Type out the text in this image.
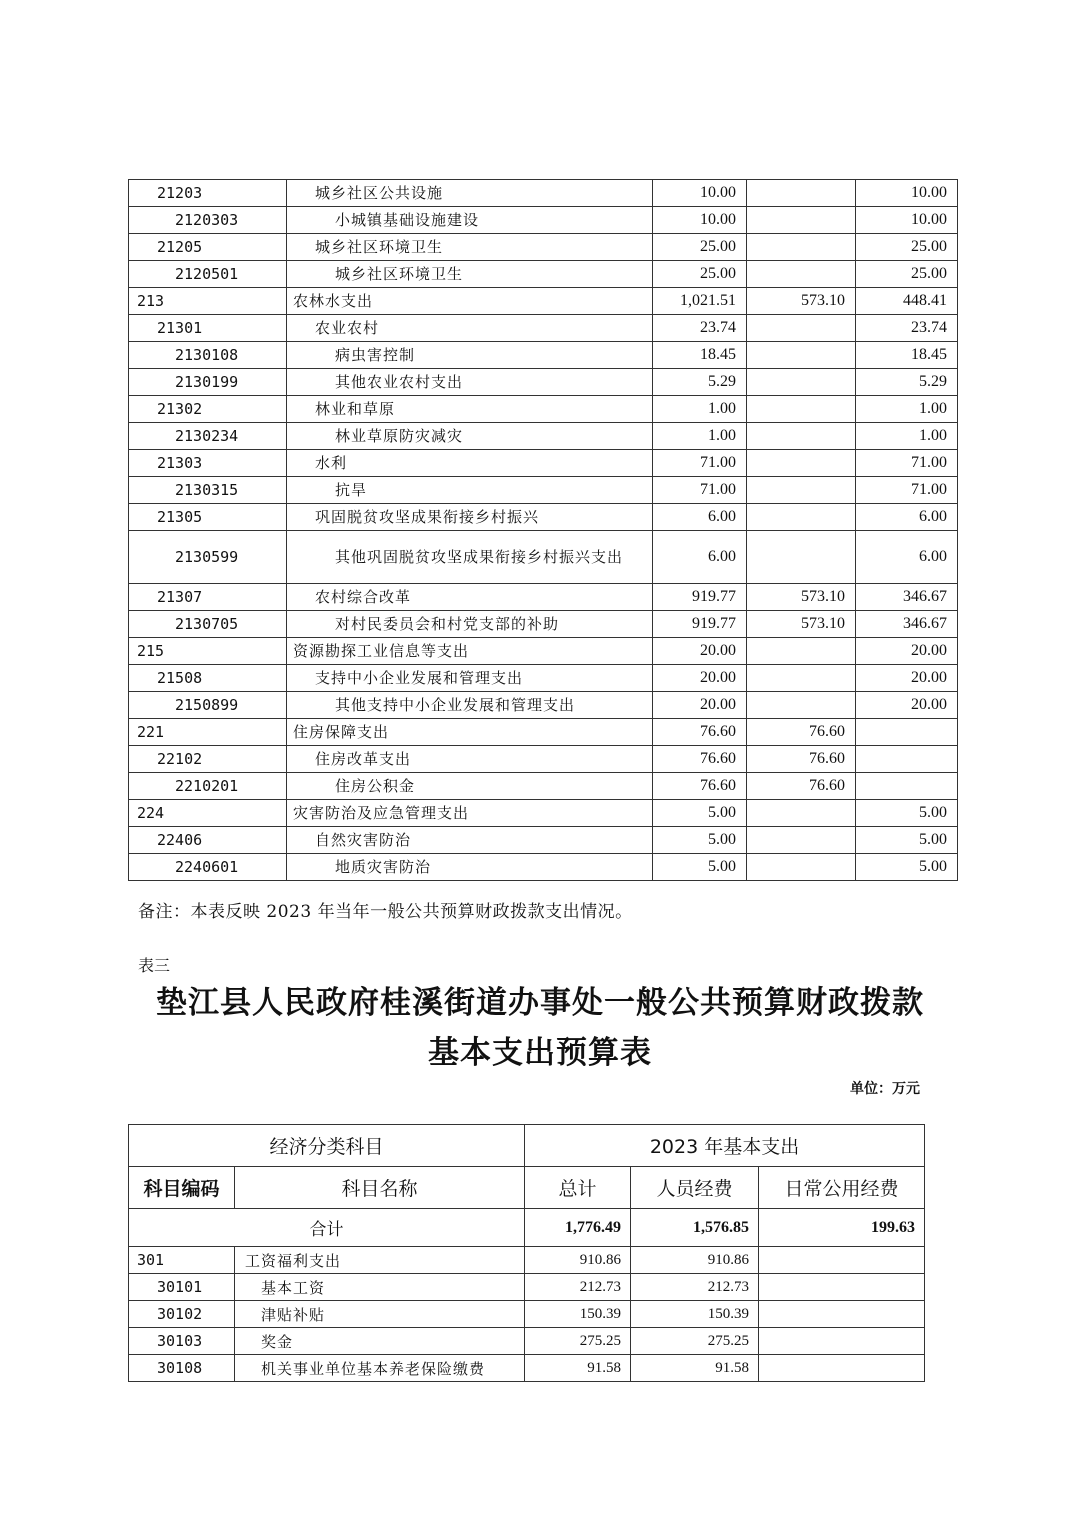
21203	城乡社区公共设施	10.00		10.00
2120303	小城镇基础设施建设	10.00		10.00
21205	城乡社区环境卫生	25.00		25.00
2120501	城乡社区环境卫生	25.00		25.00
213	农林水支出	1,021.51	573.10	448.41
21301	农业农村	23.74		23.74
2130108	病虫害控制	18.45		18.45
2130199	其他农业农村支出	5.29		5.29
21302	林业和草原	1.00		1.00
2130234	林业草原防灾减灾	1.00		1.00
21303	水利	71.00		71.00
2130315	抗旱	71.00		71.00
21305	巩固脱贫攻坚成果衔接乡村振兴	6.00		6.00
2130599	其他巩固脱贫攻坚成果衔接乡村振兴支出	6.00		6.00
21307	农村综合改革	919.77	573.10	346.67
2130705	对村民委员会和村党支部的补助	919.77	573.10	346.67
215	资源勘探工业信息等支出	20.00		20.00
21508	支持中小企业发展和管理支出	20.00		20.00
2150899	其他支持中小企业发展和管理支出	20.00		20.00
221	住房保障支出	76.60	76.60	
22102	住房改革支出	76.60	76.60	
2210201	住房公积金	76.60	76.60	
224	灾害防治及应急管理支出	5.00		5.00
22406	自然灾害防治	5.00		5.00
2240601	地质灾害防治	5.00		5.00
备注：本表反映 2023 年当年一般公共预算财政拨款支出情况。
表三
垫江县人民政府桂溪街道办事处一般公共预算财政拨款
基本支出预算表
单位：万元
经济分类科目		2023 年基本支出		
科目编码	科目名称	总计	人员经费	日常公用经费
合计		1,776.49	1,576.85	199.63
301	工资福利支出	910.86	910.86	
30101	基本工资	212.73	212.73	
30102	津贴补贴	150.39	150.39	
30103	奖金	275.25	275.25	
30108	机关事业单位基本养老保险缴费	91.58	91.58	
